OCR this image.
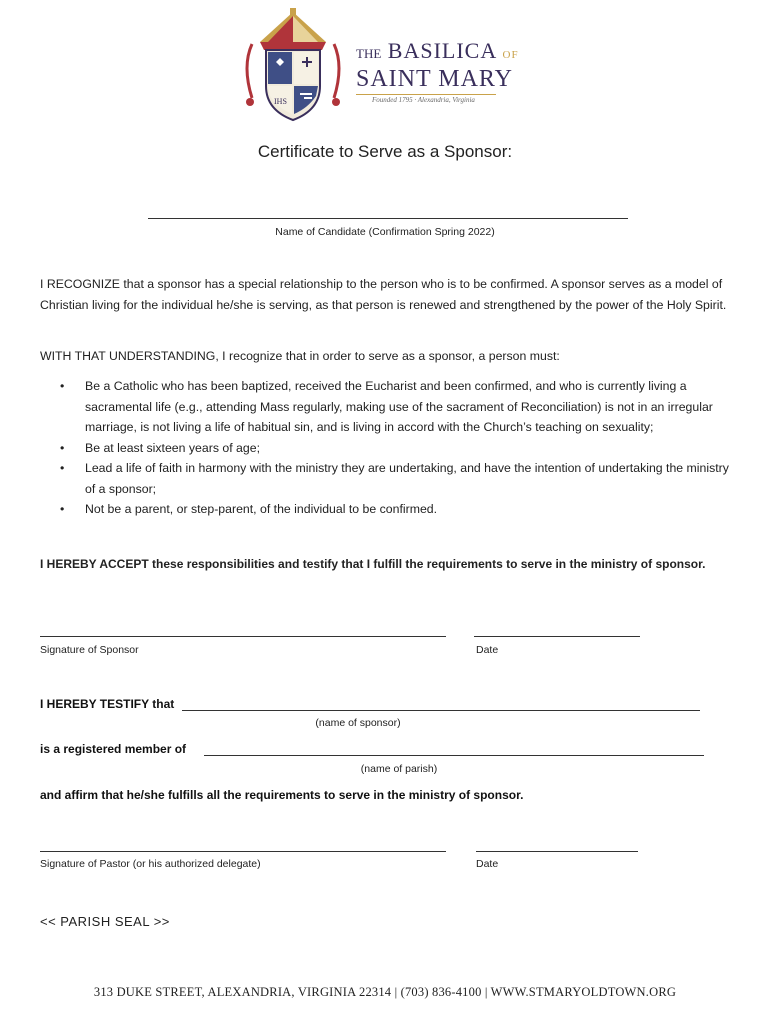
IHS
THE BASILICA OF
SAINT MARY
Founded 1795 · Alexandria, Virginia
Certificate to Serve as a Sponsor:
Name of Candidate (Confirmation Spring 2022)
I RECOGNIZE that a sponsor has a special relationship to the person who is to be confirmed. A sponsor serves as a model of Christian living for the individual he/she is serving, as that person is renewed and strengthened by the power of the Holy Spirit.
WITH THAT UNDERSTANDING, I recognize that in order to serve as a sponsor, a person must:
• Be a Catholic who has been baptized, received the Eucharist and been confirmed, and who is currently living a sacramental life (e.g., attending Mass regularly, making use of the sacrament of Reconciliation) is not in an irregular marriage, is not living a life of habitual sin, and is living in accord with the Church’s teaching on sexuality;
• Be at least sixteen years of age;
• Lead a life of faith in harmony with the ministry they are undertaking, and have the intention of undertaking the ministry of a sponsor;
• Not be a parent, or step-parent, of the individual to be confirmed.
I HEREBY ACCEPT these responsibilities and testify that I fulfill the requirements to serve in the ministry of sponsor.
Signature of Sponsor	Date
I HEREBY TESTIFY that
(name of sponsor)
is a registered member of
(name of parish)
and affirm that he/she fulfills all the requirements to serve in the ministry of sponsor.
Signature of Pastor (or his authorized delegate)	Date
<< PARISH SEAL >>
313 DUKE STREET, ALEXANDRIA, VIRGINIA 22314 | (703) 836-4100 | WWW.STMARYOLDTOWN.ORG
